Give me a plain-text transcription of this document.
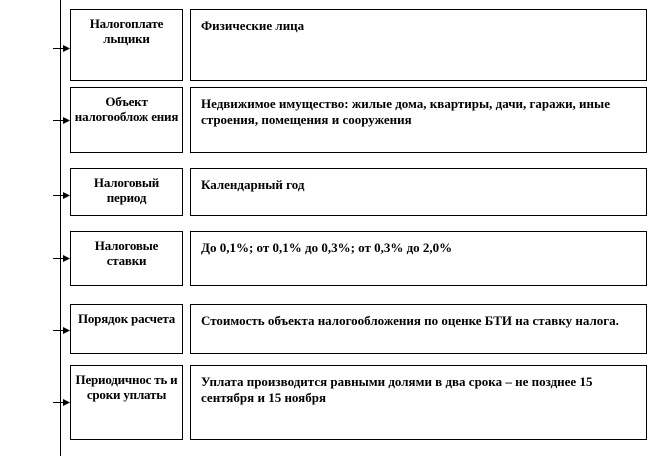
Налогоплате льщики
Физические лица
Объект налогооблож ения
Недвижимое имущество: жилые дома, квартиры, дачи, гаражи, иные строения, помещения и сооружения
Налоговый период
Календарный год
Налоговые ставки
До 0,1%; от 0,1% до 0,3%; от 0,3% до 2,0%
Порядок расчета	Стоимость объекта налогообложения по оценке БТИ на ставку налога.
Периодичнос ть и сроки уплаты
Уплата производится равными долями в два срока – не позднее 15 сентября и 15 ноября
